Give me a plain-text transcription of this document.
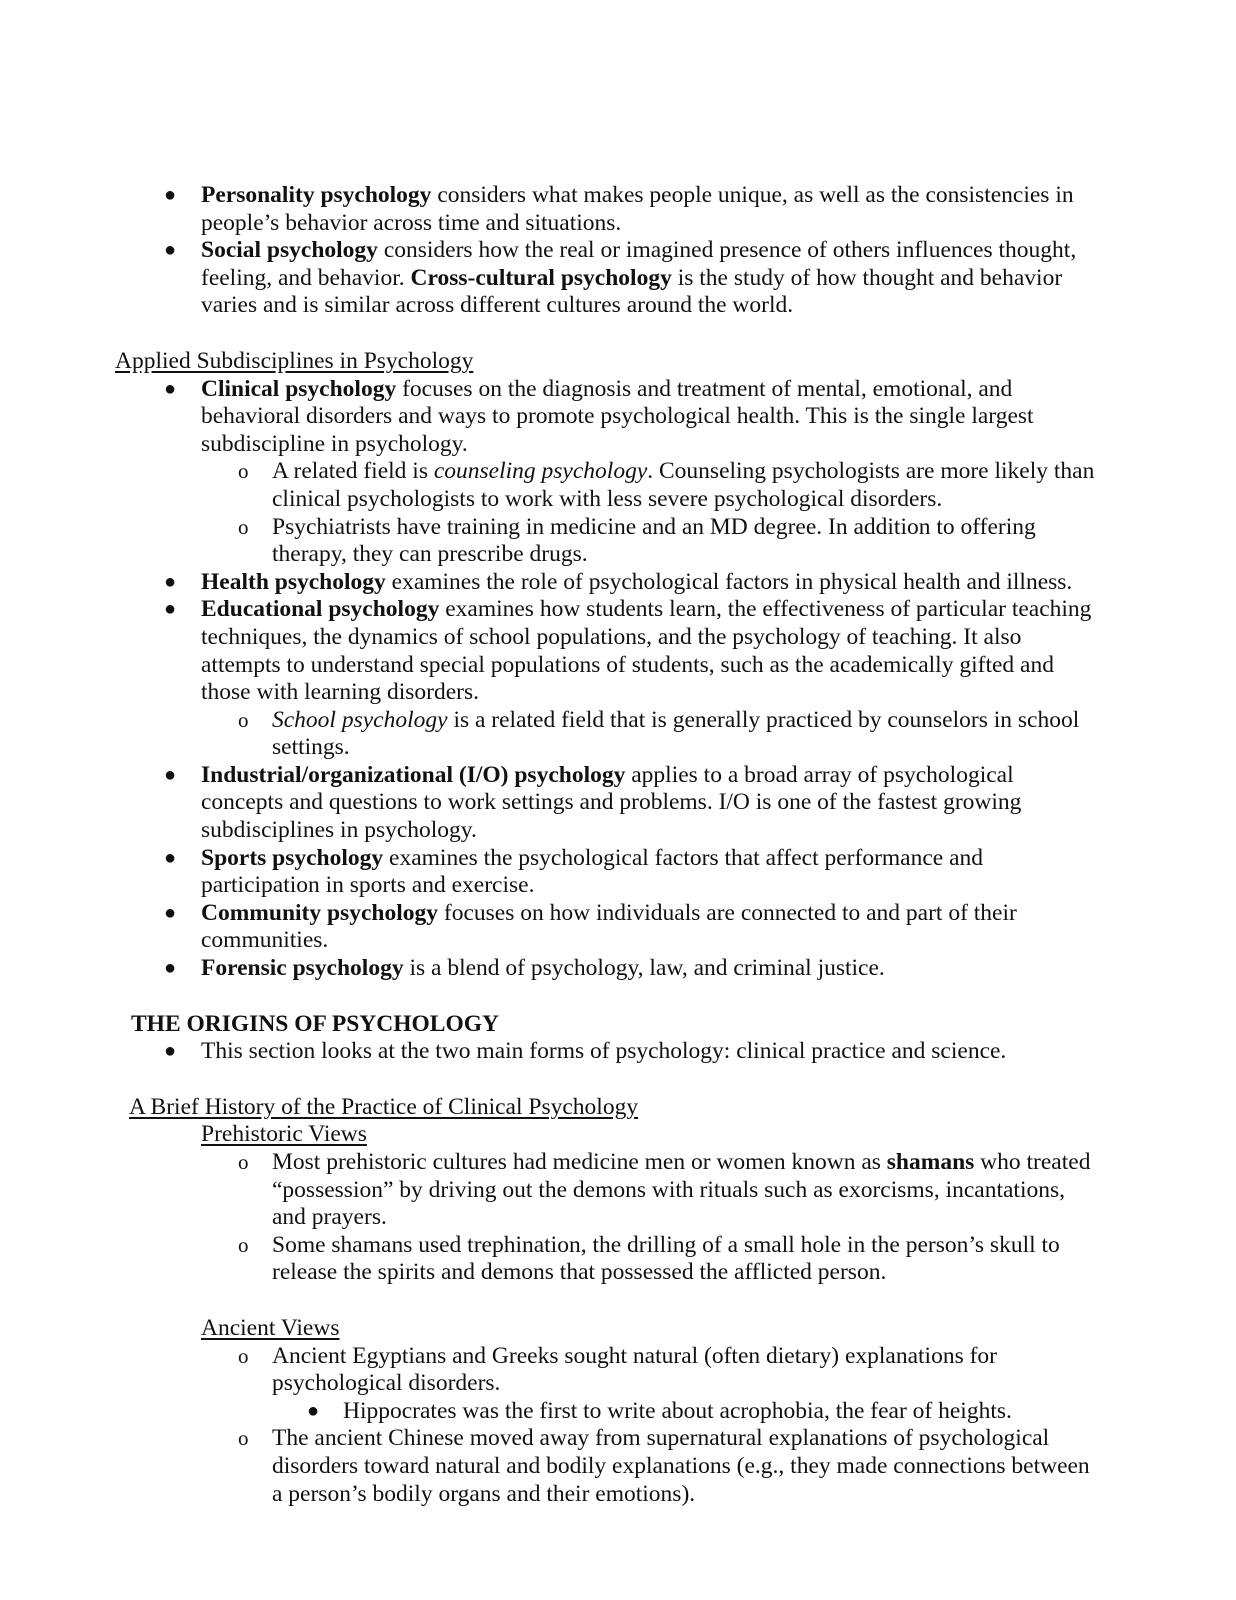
● Personality psychology considers what makes people unique, as well as the consistencies in people’s behavior across time and situations.
● Social psychology considers how the real or imagined presence of others influences thought, feeling, and behavior. Cross-cultural psychology is the study of how thought and behavior varies and is similar across different cultures around the world.
Applied Subdisciplines in Psychology
● Clinical psychology focuses on the diagnosis and treatment of mental, emotional, and behavioral disorders and ways to promote psychological health. This is the single largest subdiscipline in psychology.
o A related field is counseling psychology. Counseling psychologists are more likely than clinical psychologists to work with less severe psychological disorders.
o Psychiatrists have training in medicine and an MD degree. In addition to offering therapy, they can prescribe drugs.
● Health psychology examines the role of psychological factors in physical health and illness.
● Educational psychology examines how students learn, the effectiveness of particular teaching techniques, the dynamics of school populations, and the psychology of teaching. It also attempts to understand special populations of students, such as the academically gifted and those with learning disorders.
o School psychology is a related field that is generally practiced by counselors in school settings.
● Industrial/organizational (I/O) psychology applies to a broad array of psychological concepts and questions to work settings and problems. I/O is one of the fastest growing subdisciplines in psychology.
● Sports psychology examines the psychological factors that affect performance and participation in sports and exercise.
● Community psychology focuses on how individuals are connected to and part of their communities.
● Forensic psychology is a blend of psychology, law, and criminal justice.
THE ORIGINS OF PSYCHOLOGY
● This section looks at the two main forms of psychology: clinical practice and science.
A Brief History of the Practice of Clinical Psychology
Prehistoric Views
o Most prehistoric cultures had medicine men or women known as shamans who treated “possession” by driving out the demons with rituals such as exorcisms, incantations, and prayers.
o Some shamans used trephination, the drilling of a small hole in the person’s skull to release the spirits and demons that possessed the afflicted person.
Ancient Views
o Ancient Egyptians and Greeks sought natural (often dietary) explanations for psychological disorders.
● Hippocrates was the first to write about acrophobia, the fear of heights.
o The ancient Chinese moved away from supernatural explanations of psychological disorders toward natural and bodily explanations (e.g., they made connections between a person’s bodily organs and their emotions).
